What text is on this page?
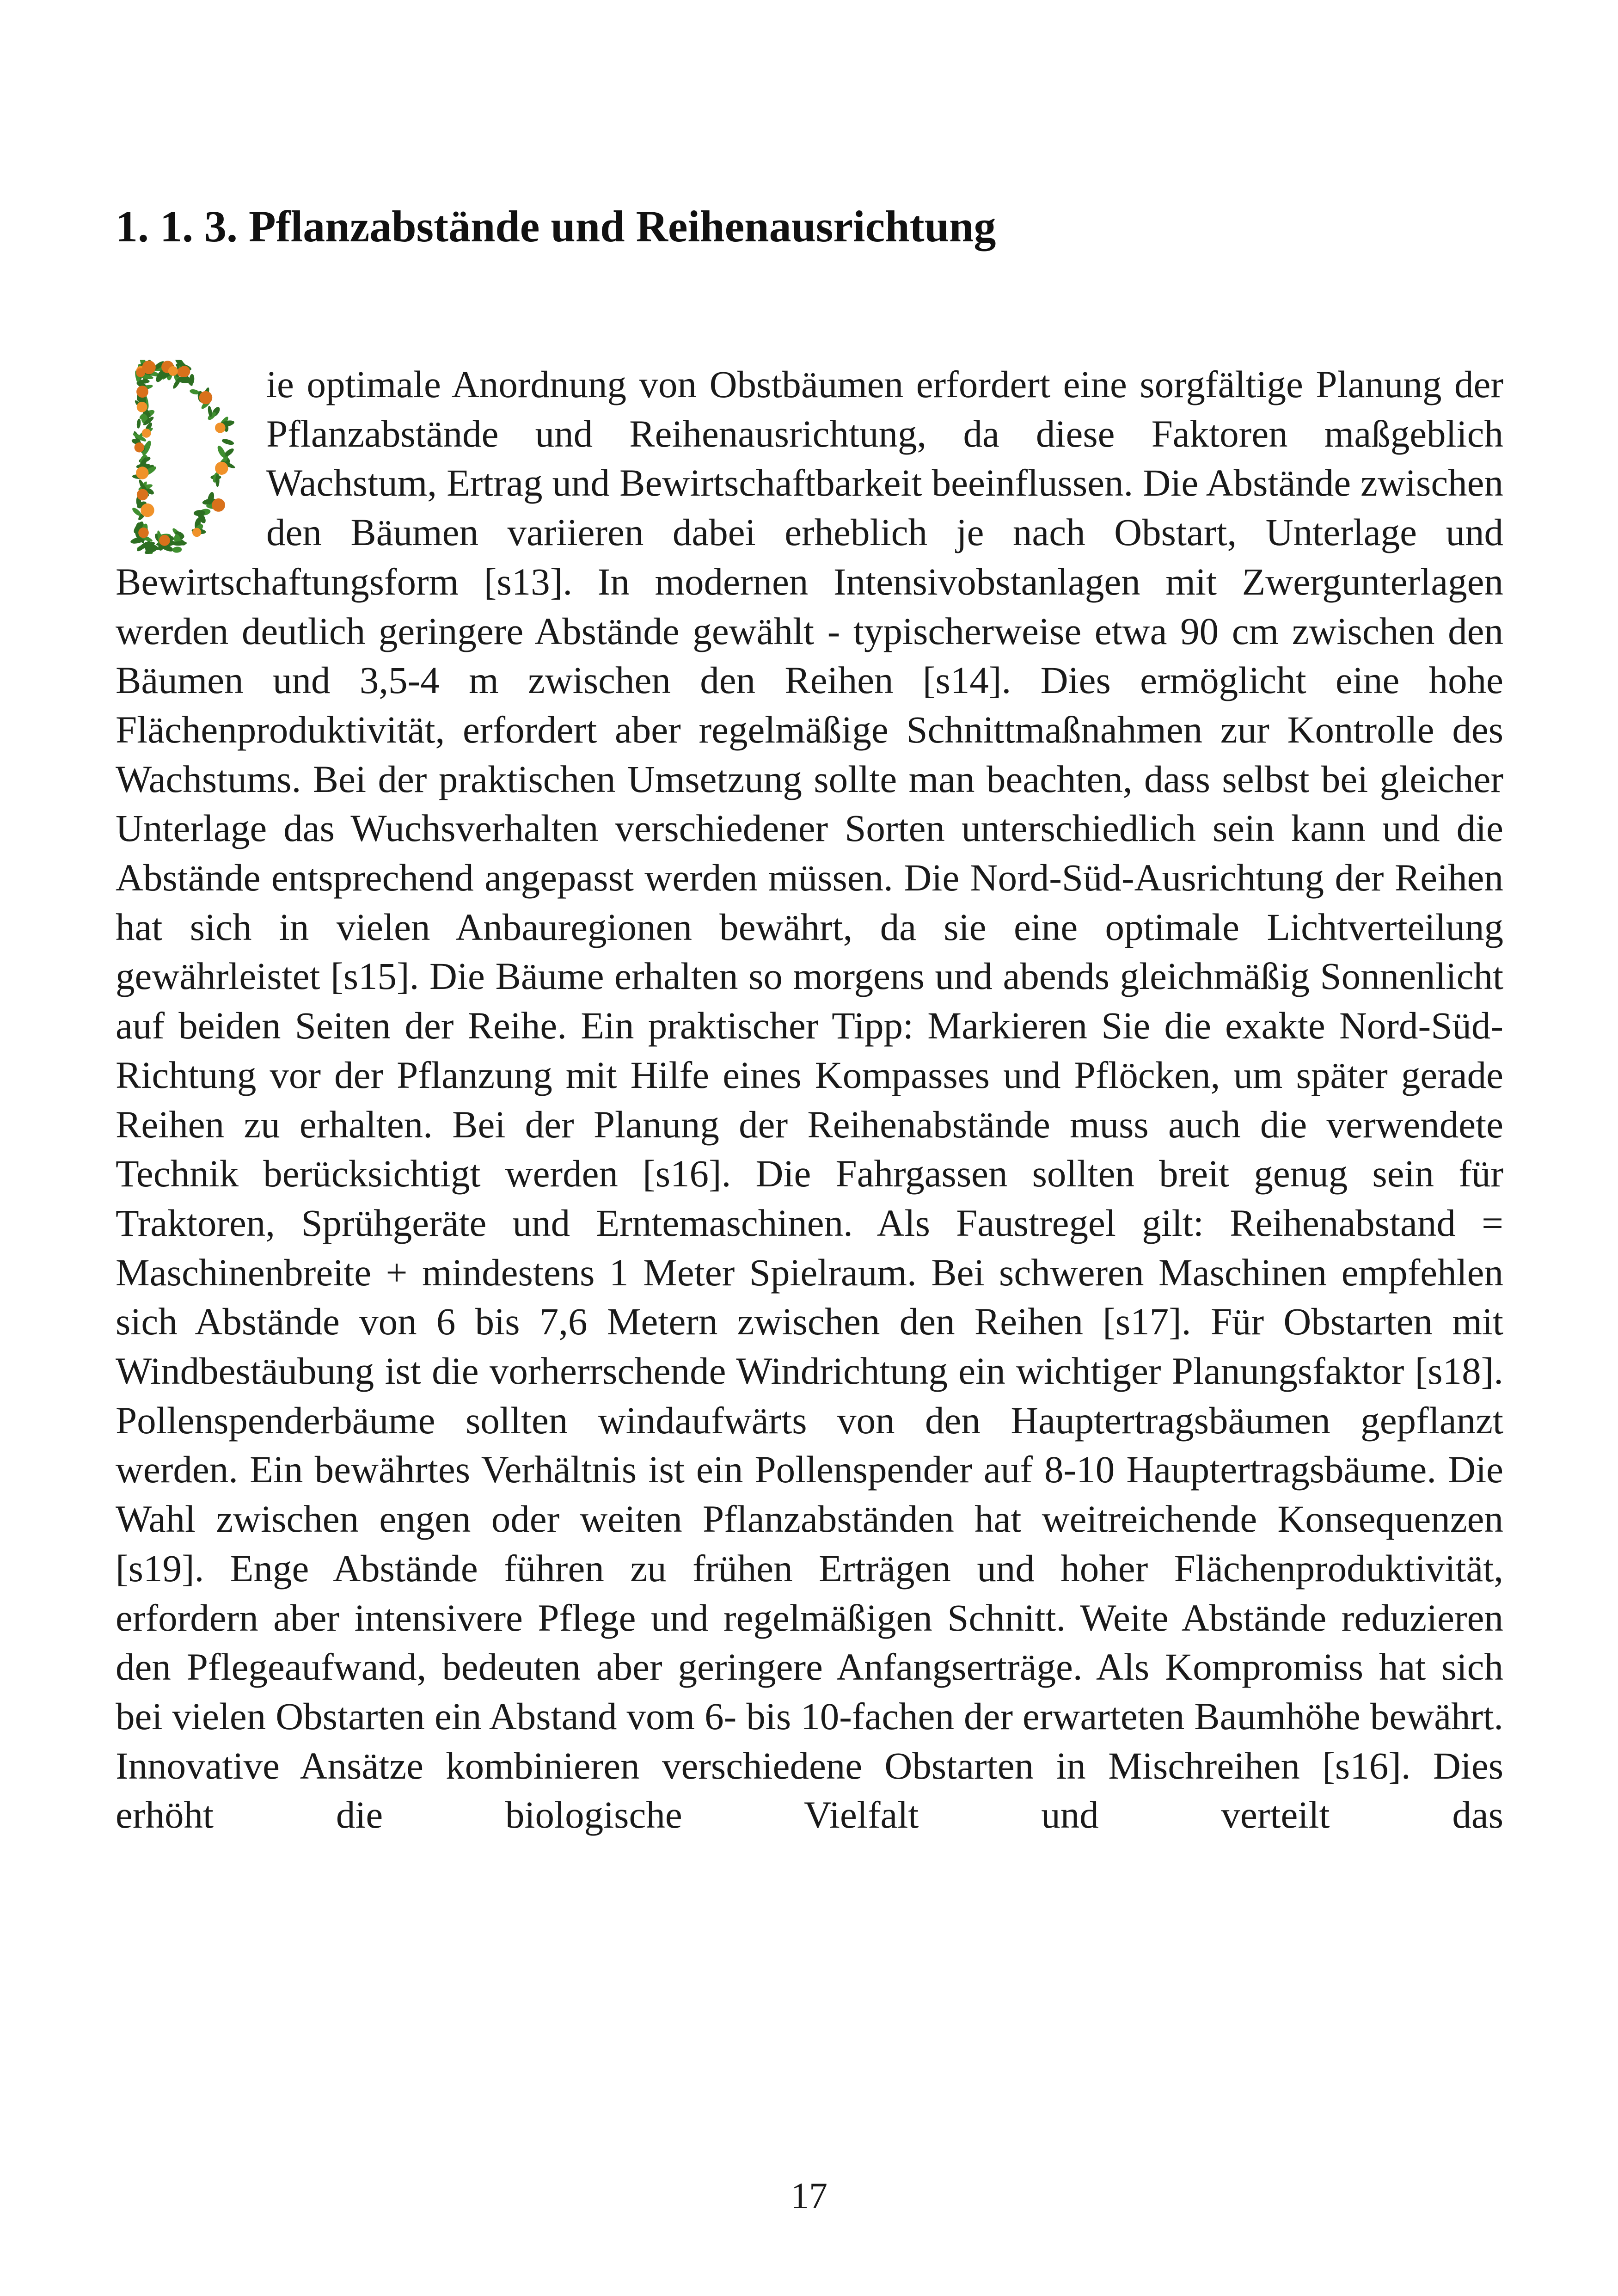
1. 1. 3. Pflanzabstände und Reihenausrichtung

ie optimale Anordnung von Obstbäumen erfordert eine sorgfältige Planung der Pflanzabstände und Reihenausrichtung, da diese Faktoren maßgeblich Wachstum, Ertrag und Bewirtschaftbarkeit beeinflussen. Die Abstände zwischen den Bäumen variieren dabei erheblich je nach Obstart, Unterlage und Bewirtschaftungsform [s13]. In modernen Intensivobstanlagen mit Zwergunterlagen werden deutlich geringere Abstände gewählt - typischerweise etwa 90 cm zwischen den Bäumen und 3,5-4 m zwischen den Reihen [s14]. Dies ermöglicht eine hohe Flächenproduktivität, erfordert aber regelmäßige Schnittmaßnahmen zur Kontrolle des Wachstums. Bei der praktischen Umsetzung sollte man beachten, dass selbst bei gleicher Unterlage das Wuchsverhalten verschiedener Sorten unterschiedlich sein kann und die Abstände entsprechend angepasst werden müssen. Die Nord-Süd-Ausrichtung der Reihen hat sich in vielen Anbauregionen bewährt, da sie eine optimale Lichtverteilung gewährleistet [s15]. Die Bäume erhalten so morgens und abends gleichmäßig Sonnenlicht auf beiden Seiten der Reihe. Ein praktischer Tipp: Markieren Sie die exakte Nord-Süd-Richtung vor der Pflanzung mit Hilfe eines Kompasses und Pflöcken, um später gerade Reihen zu erhalten. Bei der Planung der Reihenabstände muss auch die verwendete Technik berücksichtigt werden [s16]. Die Fahrgassen sollten breit genug sein für Traktoren, Sprühgeräte und Erntemaschinen. Als Faustregel gilt: Reihenabstand = Maschinenbreite + mindestens 1 Meter Spielraum. Bei schweren Maschinen empfehlen sich Abstände von 6 bis 7,6 Metern zwischen den Reihen [s17]. Für Obstarten mit Windbestäubung ist die vorherrschende Windrichtung ein wichtiger Planungsfaktor [s18]. Pollenspenderbäume sollten windaufwärts von den Hauptertragsbäumen gepflanzt werden. Ein bewährtes Verhältnis ist ein Pollenspender auf 8-10 Hauptertragsbäume. Die Wahl zwischen engen oder weiten Pflanzabständen hat weitreichende Konsequenzen [s19]. Enge Abstände führen zu frühen Erträgen und hoher Flächenproduktivität, erfordern aber intensivere Pflege und regelmäßigen Schnitt. Weite Abstände reduzieren den Pflegeaufwand, bedeuten aber geringere Anfangserträge. Als Kompromiss hat sich bei vielen Obstarten ein Abstand vom 6- bis 10-fachen der erwarteten Baumhöhe bewährt. Innovative Ansätze kombinieren verschiedene Obstarten in Mischreihen [s16]. Dies erhöht die biologische Vielfalt und verteilt das

17
